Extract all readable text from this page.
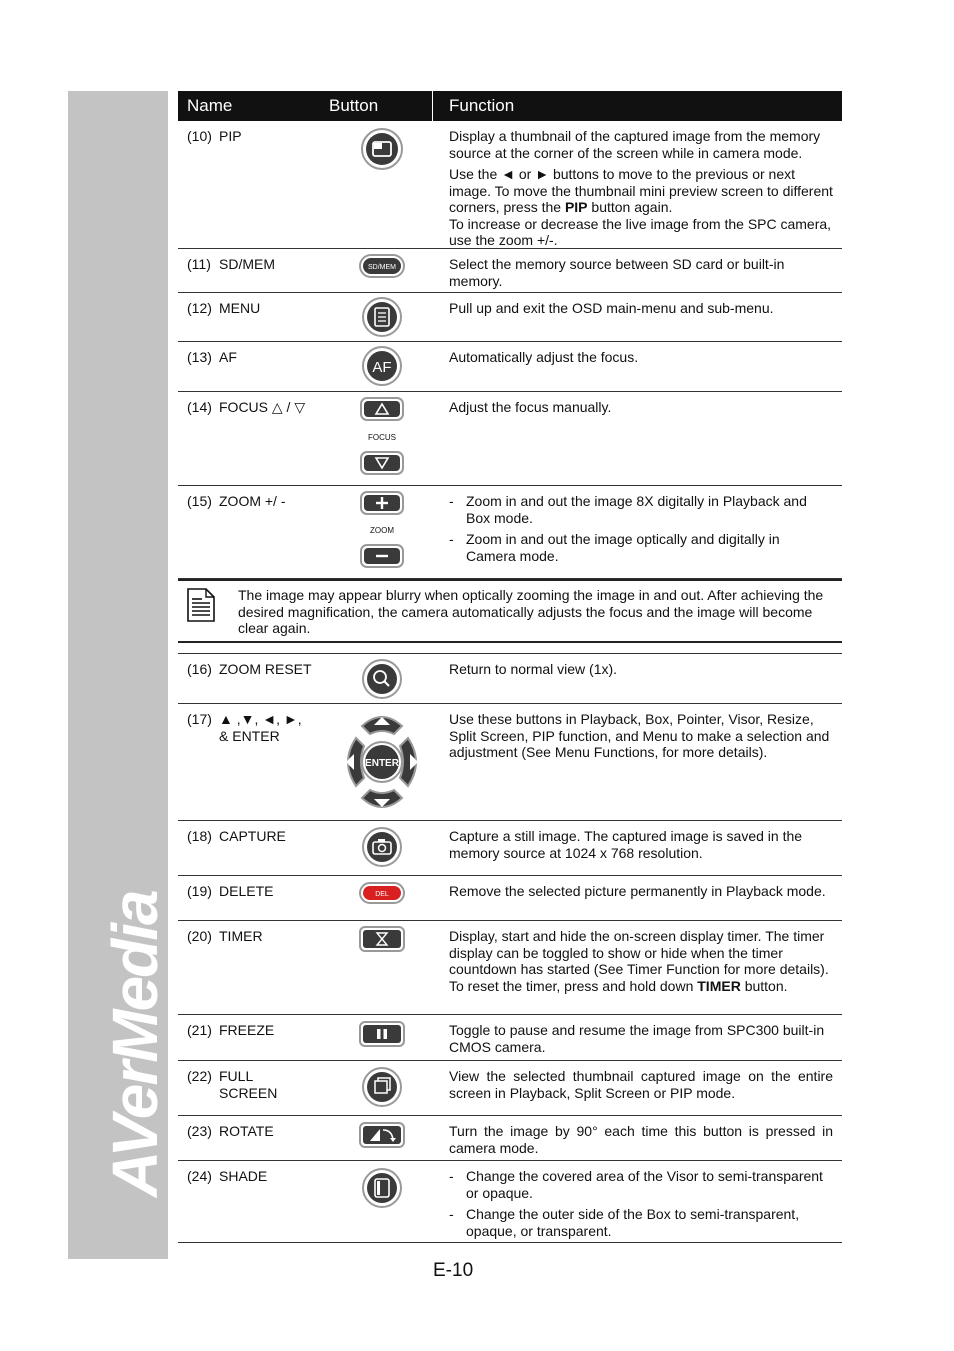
AVerMedia
Name	Button	Function
(10) PIP	Display a thumbnail of the captured image from the memory source at the corner of the screen while in camera mode.

Use the ◄ or ► buttons to move to the previous or next image. To move the thumbnail mini preview screen to different corners, press the PIP button again.

To increase or decrease the live image from the SPC camera, use the zoom +/-.

(11) SD/MEM	SD/MEM	Select the memory source between SD card or built-in memory.

(12) MENU	Pull up and exit the OSD main-menu and sub-menu.

(13) AF
AF

Automatically adjust the focus.

(14) FOCUS △ / ▽
FOCUS

Adjust the focus manually.

(15) ZOOM +/ -
ZOOM
- Zoom in and out the image 8X digitally in Playback and Box mode.
- Zoom in and out the image optically and digitally in Camera mode.
The image may appear blurry when optically zooming the image in and out. After achieving the desired magnification, the camera automatically adjusts the focus and the image will become clear again.
(16) ZOOM RESET	Return to normal view (1x).

(17) ▲ ,▼, ◄, ►,
& ENTER
ENTER

Use these buttons in Playback, Box, Pointer, Visor, Resize, Split Screen, PIP function, and Menu to make a selection and adjustment (See Menu Functions, for more details).

(18) CAPTURE	Capture a still image. The captured image is saved in the memory source at 1024 x 768 resolution.

(19) DELETE	DEL	Remove the selected picture permanently in Playback mode.

(20) TIMER	Display, start and hide the on-screen display timer. The timer display can be toggled to show or hide when the timer countdown has started (See Timer Function for more details). To reset the timer, press and hold down TIMER button.

(21) FREEZE	Toggle to pause and resume the image from SPC300 built-in CMOS camera.

(22) FULL
SCREEN

View the selected thumbnail captured image on the entire screen in Playback, Split Screen or PIP mode.

(23) ROTATE	Turn the image by 90° each time this button is pressed in camera mode.

(24) SHADE
-	Change the covered area of the Visor to semi-transparent or opaque.
- Change the outer side of the Box to semi-transparent, opaque, or transparent.
E-10
